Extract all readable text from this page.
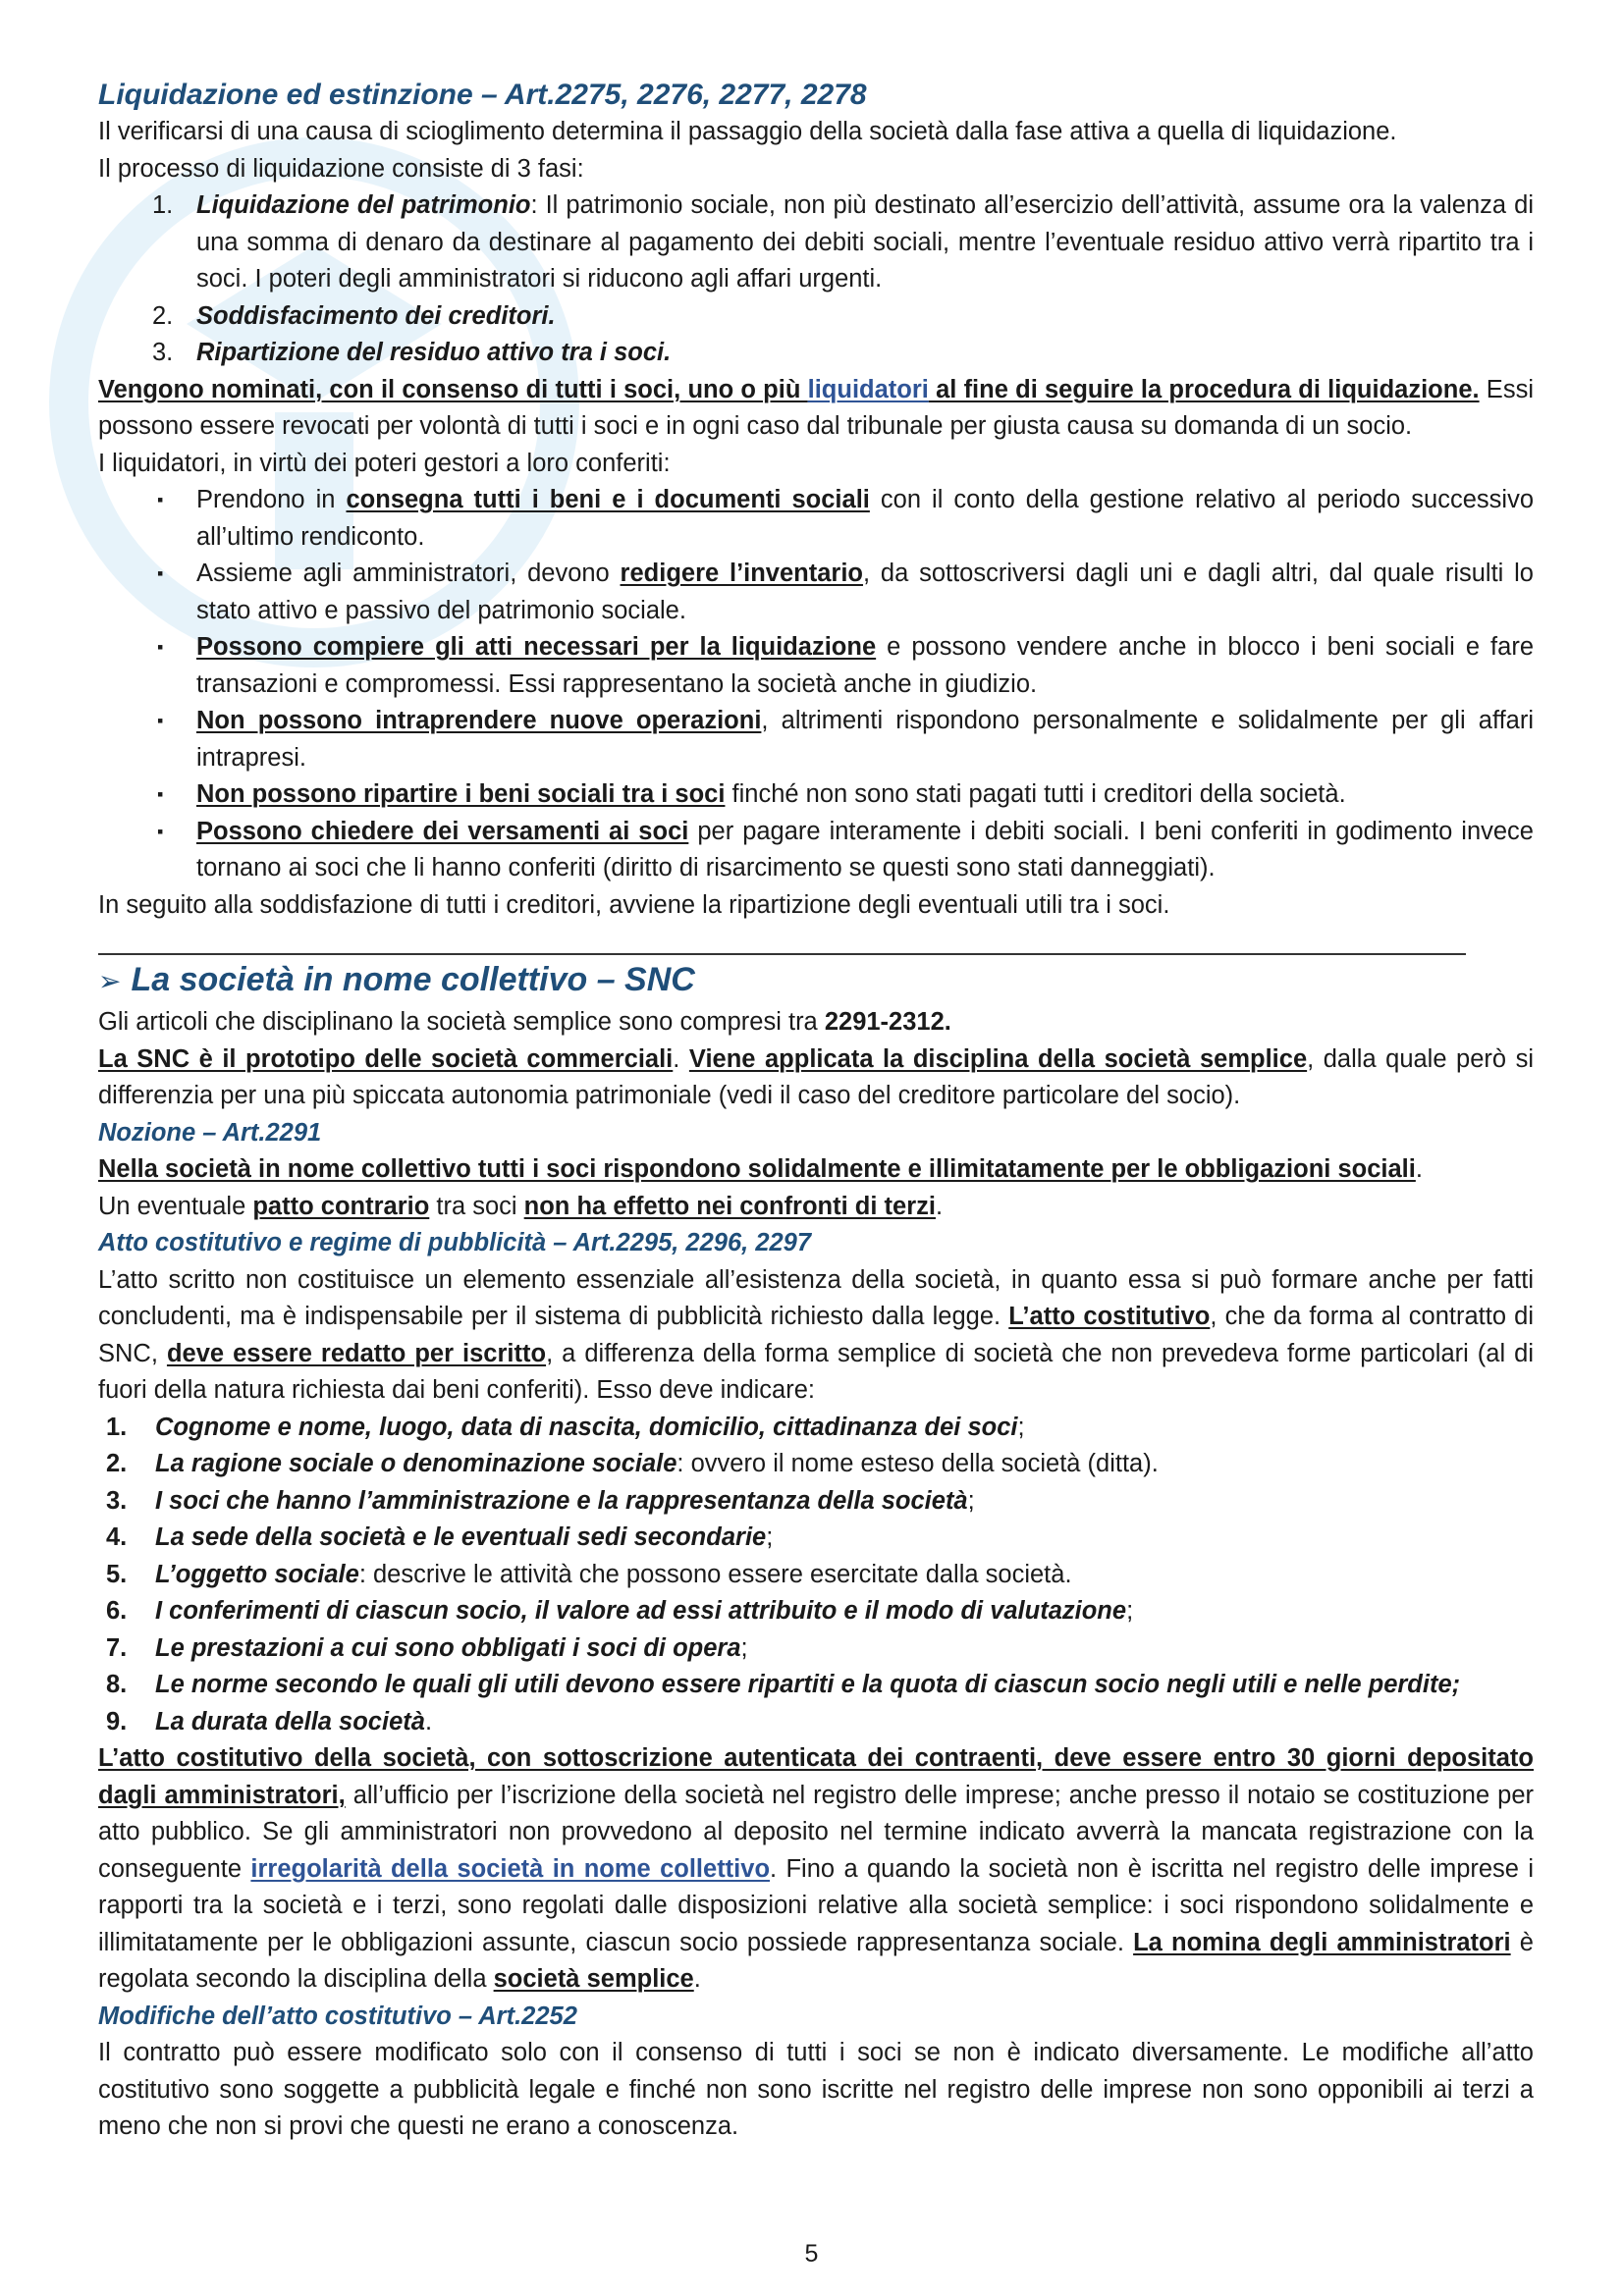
Liquidazione ed estinzione – Art.2275, 2276, 2277, 2278

Il verificarsi di una causa di scioglimento determina il passaggio della società dalla fase attiva a quella di liquidazione.

Il processo di liquidazione consiste di 3 fasi:

1. Liquidazione del patrimonio: Il patrimonio sociale, non più destinato all’esercizio dell’attività, assume ora la valenza di una somma di denaro da destinare al pagamento dei debiti sociali, mentre l’eventuale residuo attivo verrà ripartito tra i soci. I poteri degli amministratori si riducono agli affari urgenti.
2. Soddisfacimento dei creditori.
3. Ripartizione del residuo attivo tra i soci.

Vengono nominati, con il consenso di tutti i soci, uno o più liquidatori al fine di seguire la procedura di liquidazione. Essi possono essere revocati per volontà di tutti i soci e in ogni caso dal tribunale per giusta causa su domanda di un socio.

I liquidatori, in virtù dei poteri gestori a loro conferiti:

▪ Prendono in consegna tutti i beni e i documenti sociali con il conto della gestione relativo al periodo successivo all’ultimo rendiconto.
▪ Assieme agli amministratori, devono redigere l’inventario, da sottoscriversi dagli uni e dagli altri, dal quale risulti lo stato attivo e passivo del patrimonio sociale.
▪ Possono compiere gli atti necessari per la liquidazione e possono vendere anche in blocco i beni sociali e fare transazioni e compromessi. Essi rappresentano la società anche in giudizio.
▪ Non possono intraprendere nuove operazioni, altrimenti rispondono personalmente e solidalmente per gli affari intrapresi.
▪ Non possono ripartire i beni sociali tra i soci finché non sono stati pagati tutti i creditori della società.
▪ Possono chiedere dei versamenti ai soci per pagare interamente i debiti sociali. I beni conferiti in godimento invece tornano ai soci che li hanno conferiti (diritto di risarcimento se questi sono stati danneggiati).

In seguito alla soddisfazione di tutti i creditori, avviene la ripartizione degli eventuali utili tra i soci.

➢ La società in nome collettivo – SNC

Gli articoli che disciplinano la società semplice sono compresi tra 2291-2312.

La SNC è il prototipo delle società commerciali. Viene applicata la disciplina della società semplice, dalla quale però si differenzia per una più spiccata autonomia patrimoniale (vedi il caso del creditore particolare del socio).

Nozione – Art.2291

Nella società in nome collettivo tutti i soci rispondono solidalmente e illimitatamente per le obbligazioni sociali.

Un eventuale patto contrario tra soci non ha effetto nei confronti di terzi.

Atto costitutivo e regime di pubblicità – Art.2295, 2296, 2297

L’atto scritto non costituisce un elemento essenziale all’esistenza della società, in quanto essa si può formare anche per fatti concludenti, ma è indispensabile per il sistema di pubblicità richiesto dalla legge. L’atto costitutivo, che da forma al contratto di SNC, deve essere redatto per iscritto, a differenza della forma semplice di società che non prevedeva forme particolari (al di fuori della natura richiesta dai beni conferiti). Esso deve indicare:

1. Cognome e nome, luogo, data di nascita, domicilio, cittadinanza dei soci;
2. La ragione sociale o denominazione sociale: ovvero il nome esteso della società (ditta).
3. I soci che hanno l’amministrazione e la rappresentanza della società;
4. La sede della società e le eventuali sedi secondarie;
5. L’oggetto sociale: descrive le attività che possono essere esercitate dalla società.
6. I conferimenti di ciascun socio, il valore ad essi attribuito e il modo di valutazione;
7. Le prestazioni a cui sono obbligati i soci di opera;
8. Le norme secondo le quali gli utili devono essere ripartiti e la quota di ciascun socio negli utili e nelle perdite;
9. La durata della società.

L’atto costitutivo della società, con sottoscrizione autenticata dei contraenti, deve essere entro 30 giorni depositato dagli amministratori, all’ufficio per l’iscrizione della società nel registro delle imprese; anche presso il notaio se costituzione per atto pubblico. Se gli amministratori non provvedono al deposito nel termine indicato avverrà la mancata registrazione con la conseguente irregolarità della società in nome collettivo. Fino a quando la società non è iscritta nel registro delle imprese i rapporti tra la società e i terzi, sono regolati dalle disposizioni relative alla società semplice: i soci rispondono solidalmente e illimitatamente per le obbligazioni assunte, ciascun socio possiede rappresentanza sociale. La nomina degli amministratori è regolata secondo la disciplina della società semplice.

Modifiche dell’atto costitutivo – Art.2252

Il contratto può essere modificato solo con il consenso di tutti i soci se non è indicato diversamente. Le modifiche all’atto costitutivo sono soggette a pubblicità legale e finché non sono iscritte nel registro delle imprese non sono opponibili ai terzi a meno che non si provi che questi ne erano a conoscenza.

5
